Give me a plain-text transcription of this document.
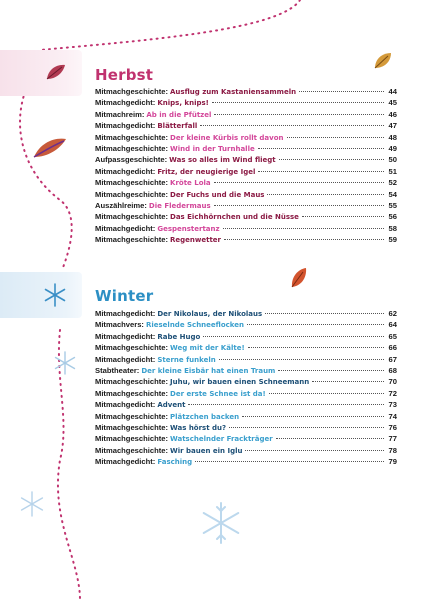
Herbst
Mitmachgeschichte: Ausflug zum Kastaniensammeln	44
Mitmachgedicht: Knips, knips!	45
Mitmachreim: Ab in die Pfützel	46
Mitmachgedicht: Blätterfall	47
Mitmachgeschichte: Der kleine Kürbis rollt davon	48
Mitmachgeschichte: Wind in der Turnhalle	49
Aufpassgeschichte: Was so alles im Wind fliegt	50
Mitmachgedicht: Fritz, der neugierige Igel	51
Mitmachgeschichte: Kröte Lola	52
Mitmachgeschichte: Der Fuchs und die Maus	54
Auszählreime: Die Fledermaus	55
Mitmachgeschichte: Das Eichhörnchen und die Nüsse	56
Mitmachgedicht: Gespenstertanz	58
Mitmachgeschichte: Regenwetter	59
Winter
Mitmachgedicht: Der Nikolaus, der Nikolaus	62
Mitmachvers: Rieselnde Schneeflocken	64
Mitmachgedicht: Rabe Hugo	65
Mitmachgeschichte: Weg mit der Kälte!	66
Mitmachgedicht: Sterne funkeln	67
Stabtheater: Der kleine Eisbär hat einen Traum	68
Mitmachgeschichte: Juhu, wir bauen einen Schneemann	70
Mitmachgeschichte: Der erste Schnee ist da!	72
Mitmachgedicht: Advent	73
Mitmachgeschichte: Plätzchen backen	74
Mitmachgeschichte: Was hörst du?	76
Mitmachgeschichte: Watschelnder Frackträger	77
Mitmachgeschichte: Wir bauen ein Iglu	78
Mitmachgedicht: Fasching	79
